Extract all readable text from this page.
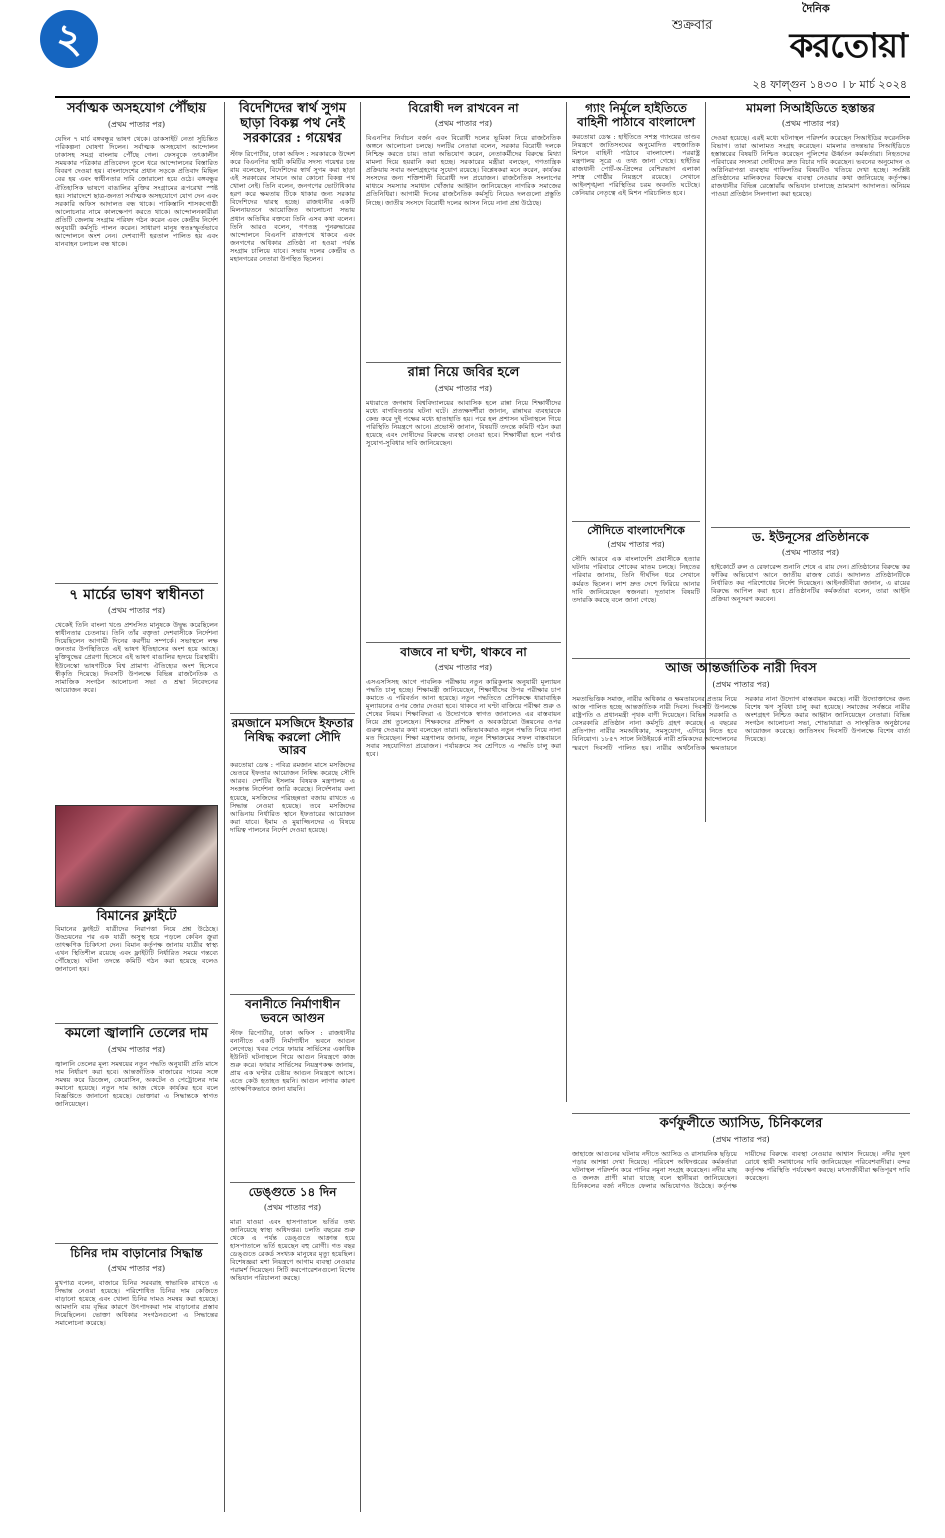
২	শুক্রবার
করতোয়া
দৈনিক
২৪ ফাল্গুন ১৪৩০ । ৮ মার্চ ২০২৪
সর্বাত্মক অসহযোগ পৌঁছায়
(প্রথম পাতার পর)

যেদিন ৭ মার্চ বঙ্গবন্ধুর ভাষণ থেকে। ডাকসাইট নেতা সুচিন্তিত পরিকল্পনা ঘোষণা দিলেন। সর্বাত্মক অসহযোগ আন্দোলন ঢাকাসহ সমগ্র বাংলায় পৌঁছে গেল। ফেসবুকে তৎকালীন সময়কার পত্রিকার প্রতিবেদন তুলে ধরে আন্দোলনের বিস্তারিত বিবরণ দেওয়া হয়। বাংলাদেশের প্রধান সড়কে প্রতিবাদ মিছিল বের হয় এবং স্বাধীনতার দাবি জোরালো হয়ে ওঠে। বঙ্গবন্ধুর ঐতিহাসিক ভাষণে বাঙালির মুক্তির সংগ্রামের রূপরেখা স্পষ্ট হয়। সারাদেশে ছাত্র-জনতা সর্বাত্মক অসহযোগে যোগ দেন এবং সরকারি অফিস আদালত বন্ধ থাকে। পাকিস্তানি শাসকগোষ্ঠী আলোচনার নামে কালক্ষেপণ করতে থাকে। আন্দোলনকারীরা প্রতিটি জেলায় সংগ্রাম পরিষদ গঠন করেন এবং কেন্দ্রীয় নির্দেশ অনুযায়ী কর্মসূচি পালন করেন। সাধারণ মানুষ স্বতঃস্ফূর্তভাবে আন্দোলনে অংশ নেন। দেশব্যাপী হরতাল পালিত হয় এবং যানবাহন চলাচল বন্ধ থাকে।

৭ মার্চের ভাষণ স্বাধীনতা
(প্রথম পাতার পর)

থেকেই তিনি বাংলা খণ্ডে প্রশংসিত মানুষকে উদ্বুদ্ধ করেছিলেন স্বাধীনতার চেতনায়। তিনি তাঁর বক্তৃতা দেশবাসীকে নির্দেশনা দিয়েছিলেন আগামী দিনের করণীয় সম্পর্কে। সভাস্থলে লক্ষ জনতার উপস্থিতিতে এই ভাষণ ইতিহাসের অংশ হয়ে আছে। মুক্তিযুদ্ধের প্রেরণা হিসেবে এই ভাষণ বাঙালির হৃদয়ে চিরস্থায়ী। ইউনেস্কো ভাষণটিকে বিশ্ব প্রামাণ্য ঐতিহ্যের অংশ হিসেবে স্বীকৃতি দিয়েছে। দিবসটি উপলক্ষে বিভিন্ন রাজনৈতিক ও সামাজিক সংগঠন আলোচনা সভা ও শ্রদ্ধা নিবেদনের আয়োজন করে।

বিমানের ফ্লাইটে

বিমানের ফ্লাইটে যাত্রীদের নিরাপত্তা নিয়ে প্রশ্ন উঠেছে। উড্ডয়নের পর এক যাত্রী অসুস্থ হয়ে পড়লে কেবিন ক্রুরা তাৎক্ষণিক চিকিৎসা দেন। বিমান কর্তৃপক্ষ জানায় যাত্রীর স্বাস্থ্য এখন স্থিতিশীল রয়েছে এবং ফ্লাইটটি নির্ধারিত সময়ে গন্তব্যে পৌঁছেছে। ঘটনা তদন্তে কমিটি গঠন করা হয়েছে বলেও জানানো হয়।

কমলো জ্বালানি তেলের দাম
(প্রথম পাতার পর)

জ্বালানি তেলের মূল্য সমন্বয়ের নতুন পদ্ধতি অনুযায়ী প্রতি মাসে দাম নির্ধারণ করা হবে। আন্তর্জাতিক বাজারের দামের সঙ্গে সমন্বয় করে ডিজেল, কেরোসিন, অকটেন ও পেট্রোলের দাম কমানো হয়েছে। নতুন দাম আজ থেকে কার্যকর হবে বলে বিজ্ঞপ্তিতে জানানো হয়েছে। ভোক্তারা এ সিদ্ধান্তকে স্বাগত জানিয়েছেন।

চিনির দাম বাড়ানোর সিদ্ধান্ত
(প্রথম পাতার পর)

মুখপাত্র বলেন, বাজারে চিনির সরবরাহ স্বাভাবিক রাখতে এ সিদ্ধান্ত নেওয়া হয়েছে। পরিশোধিত চিনির দাম কেজিতে বাড়ানো হয়েছে এবং খোলা চিনির দামও সমন্বয় করা হয়েছে। আমদানি ব্যয় বৃদ্ধির কারণে উৎপাদকরা দাম বাড়ানোর প্রস্তাব দিয়েছিলেন। ভোক্তা অধিকার সংগঠনগুলো এ সিদ্ধান্তের সমালোচনা করেছে।

বিদেশিদের স্বার্থ সুগম ছাড়া বিকল্প পথ নেই সরকারের : গয়েশ্বর

স্টাফ রিপোর্টার, ঢাকা অফিস : সরকারকে উদ্দেশ করে বিএনপির স্থায়ী কমিটির সদস্য গয়েশ্বর চন্দ্র রায় বলেছেন, বিদেশিদের স্বার্থ সুগম করা ছাড়া এই সরকারের সামনে আর কোনো বিকল্প পথ খোলা নেই। তিনি বলেন, জনগণের ভোটাধিকার হরণ করে ক্ষমতায় টিকে থাকার জন্য সরকার বিদেশিদের দ্বারস্থ হচ্ছে। রাজধানীর একটি মিলনায়তনে আয়োজিত আলোচনা সভায় প্রধান অতিথির বক্তব্যে তিনি এসব কথা বলেন। তিনি আরও বলেন, গণতন্ত্র পুনরুদ্ধারের আন্দোলনে বিএনপি রাজপথে থাকবে এবং জনগণের অধিকার প্রতিষ্ঠা না হওয়া পর্যন্ত সংগ্রাম চালিয়ে যাবে। সভায় দলের কেন্দ্রীয় ও মহানগরের নেতারা উপস্থিত ছিলেন।

রমজানে মসজিদে ইফতার নিষিদ্ধ করলো সৌদি আরব

করতোয়া ডেস্ক : পবিত্র রমজান মাসে মসজিদের ভেতরে ইফতার আয়োজন নিষিদ্ধ করেছে সৌদি আরব। দেশটির ইসলাম বিষয়ক মন্ত্রণালয় এ সংক্রান্ত নির্দেশনা জারি করেছে। নির্দেশনায় বলা হয়েছে, মসজিদের পরিচ্ছন্নতা বজায় রাখতে এ সিদ্ধান্ত নেওয়া হয়েছে। তবে মসজিদের আঙিনায় নির্ধারিত স্থানে ইফতারের আয়োজন করা যাবে। ইমাম ও মুয়াজ্জিনদের এ বিষয়ে দায়িত্ব পালনের নির্দেশ দেওয়া হয়েছে।

বনানীতে নির্মাণাধীন ভবনে আগুন

স্টাফ রিপোর্টার, ঢাকা অফিস : রাজধানীর বনানীতে একটি নির্মাণাধীন ভবনে আগুন লেগেছে। খবর পেয়ে ফায়ার সার্ভিসের একাধিক ইউনিট ঘটনাস্থলে গিয়ে আগুন নিয়ন্ত্রণে কাজ শুরু করে। ফায়ার সার্ভিসের নিয়ন্ত্রণকক্ষ জানায়, প্রায় এক ঘণ্টার চেষ্টায় আগুন নিয়ন্ত্রণে আসে। এতে কেউ হতাহত হয়নি। আগুন লাগার কারণ তাৎক্ষণিকভাবে জানা যায়নি।

ডেঙ্গুতে ১৪ দিন
(প্রথম পাতার পর)

মারা যাওয়া এবং হাসপাতালে ভর্তির তথ্য জানিয়েছে স্বাস্থ্য অধিদপ্তর। চলতি বছরের শুরু থেকে এ পর্যন্ত ডেঙ্গুতে আক্রান্ত হয়ে হাসপাতালে ভর্তি হয়েছেন বহু রোগী। গত বছর ডেঙ্গুতে রেকর্ড সংখ্যক মানুষের মৃত্যু হয়েছিল। বিশেষজ্ঞরা মশা নিয়ন্ত্রণে আগাম ব্যবস্থা নেওয়ার পরামর্শ দিয়েছেন। সিটি করপোরেশনগুলো বিশেষ অভিযান পরিচালনা করছে।

বিরোধী দল রাখবেন না
(প্রথম পাতার পর)

বিএনপির নির্বাচন বর্জন এবং বিরোধী দলের ভূমিকা নিয়ে রাজনৈতিক অঙ্গনে আলোচনা চলছে। দলটির নেতারা বলেন, সরকার বিরোধী দলকে নিশ্চিহ্ন করতে চায়। তারা অভিযোগ করেন, নেতাকর্মীদের বিরুদ্ধে মিথ্যা মামলা দিয়ে হয়রানি করা হচ্ছে। সরকারের মন্ত্রীরা বলছেন, গণতান্ত্রিক প্রক্রিয়ায় সবার অংশগ্রহণের সুযোগ রয়েছে। বিশ্লেষকরা মনে করেন, কার্যকর সংসদের জন্য শক্তিশালী বিরোধী দল প্রয়োজন। রাজনৈতিক সংলাপের মাধ্যমে সমস্যার সমাধান খোঁজার আহ্বান জানিয়েছেন নাগরিক সমাজের প্রতিনিধিরা। আগামী দিনের রাজনৈতিক কর্মসূচি নিয়েও দলগুলো প্রস্তুতি নিচ্ছে। জাতীয় সংসদে বিরোধী দলের আসন নিয়ে নানা প্রশ্ন উঠেছে।

রান্না নিয়ে জবির হলে
(প্রথম পাতার পর)

মধ্যরাতে জগন্নাথ বিশ্ববিদ্যালয়ের আবাসিক হলে রান্না নিয়ে শিক্ষার্থীদের মধ্যে বাগবিতণ্ডার ঘটনা ঘটে। প্রত্যক্ষদর্শীরা জানান, রান্নাঘর ব্যবহারকে কেন্দ্র করে দুই পক্ষের মধ্যে হাতাহাতি হয়। পরে হল প্রশাসন ঘটনাস্থলে গিয়ে পরিস্থিতি নিয়ন্ত্রণে আনে। প্রভোস্ট জানান, বিষয়টি তদন্তে কমিটি গঠন করা হয়েছে এবং দোষীদের বিরুদ্ধে ব্যবস্থা নেওয়া হবে। শিক্ষার্থীরা হলে পর্যাপ্ত সুযোগ-সুবিধার দাবি জানিয়েছেন।

বাজবে না ঘণ্টা, থাকবে না
(প্রথম পাতার পর)

এসএসসিসহ আগে পাবলিক পরীক্ষায় নতুন কারিকুলাম অনুযায়ী মূল্যায়ন পদ্ধতি চালু হচ্ছে। শিক্ষামন্ত্রী জানিয়েছেন, শিক্ষার্থীদের উপর পরীক্ষার চাপ কমাতে এ পরিবর্তন আনা হয়েছে। নতুন পদ্ধতিতে শ্রেণিকক্ষে ধারাবাহিক মূল্যায়নের ওপর জোর দেওয়া হবে। থাকবে না ঘণ্টা বাজিয়ে পরীক্ষা শুরু ও শেষের নিয়ম। শিক্ষাবিদরা এ উদ্যোগকে স্বাগত জানালেও এর বাস্তবায়ন নিয়ে প্রশ্ন তুলেছেন। শিক্ষকদের প্রশিক্ষণ ও অবকাঠামো উন্নয়নের ওপর গুরুত্ব দেওয়ার কথা বলেছেন তারা। অভিভাবকরাও নতুন পদ্ধতি নিয়ে নানা মত দিয়েছেন। শিক্ষা মন্ত্রণালয় জানায়, নতুন শিক্ষাক্রমের সফল বাস্তবায়নে সবার সহযোগিতা প্রয়োজন। পর্যায়ক্রমে সব শ্রেণিতে এ পদ্ধতি চালু করা হবে।

গ্যাং নির্মূলে হাইতিতে বাহিনী পাঠাবে বাংলাদেশ

করতোয়া ডেস্ক : হাইতিতে সশস্ত্র গ্যাংয়ের তাণ্ডব নিয়ন্ত্রণে জাতিসংঘের অনুমোদিত বহুজাতিক মিশনে বাহিনী পাঠাবে বাংলাদেশ। পররাষ্ট্র মন্ত্রণালয় সূত্রে এ তথ্য জানা গেছে। হাইতির রাজধানী পোর্ট-অ-প্রিন্সের বেশিরভাগ এলাকা সশস্ত্র গোষ্ঠীর নিয়ন্ত্রণে রয়েছে। সেখানে আইনশৃঙ্খলা পরিস্থিতির চরম অবনতি ঘটেছে। কেনিয়ার নেতৃত্বে এই মিশন পরিচালিত হবে।

সৌদিতে বাংলাদেশিকে
(প্রথম পাতার পর)

সৌদি আরবে এক বাংলাদেশি প্রবাসীকে হত্যার ঘটনায় পরিবারে শোকের মাতম চলছে। নিহতের পরিবার জানায়, তিনি দীর্ঘদিন ধরে সেখানে কর্মরত ছিলেন। লাশ দ্রুত দেশে ফিরিয়ে আনার দাবি জানিয়েছেন স্বজনরা। দূতাবাস বিষয়টি তদারকি করছে বলে জানা গেছে।

মামলা সিআইডিতে হস্তান্তর
(প্রথম পাতার পর)

দেওয়া হয়েছে। এরই মধ্যে ঘটনাস্থল পরিদর্শন করেছেন সিআইডির ফরেনসিক বিভাগ। তারা আলামত সংগ্রহ করেছেন। মামলার তদন্তভার সিআইডিতে হস্তান্তরের বিষয়টি নিশ্চিত করেছেন পুলিশের ঊর্ধ্বতন কর্মকর্তারা। নিহতদের পরিবারের সদস্যরা দোষীদের দ্রুত বিচার দাবি করেছেন। ভবনের অনুমোদন ও অগ্নিনিরাপত্তা ব্যবস্থায় গাফিলতির বিষয়টিও খতিয়ে দেখা হচ্ছে। সংশ্লিষ্ট প্রতিষ্ঠানের মালিকদের বিরুদ্ধে ব্যবস্থা নেওয়ার কথা জানিয়েছে কর্তৃপক্ষ। রাজধানীর বিভিন্ন রেস্তোরাঁয় অভিযান চালাচ্ছে ভ্রাম্যমাণ আদালত। অনিয়ম পাওয়া প্রতিষ্ঠান সিলগালা করা হয়েছে।

ড. ইউনূসের প্রতিষ্ঠানকে
(প্রথম পাতার পর)

হাইকোর্টে রুল ও রেফারেন্স শুনানি শেষে এ রায় দেন। প্রতিষ্ঠানের বিরুদ্ধে কর ফাঁকির অভিযোগ আনে জাতীয় রাজস্ব বোর্ড। আদালত প্রতিষ্ঠানটিকে নির্ধারিত কর পরিশোধের নির্দেশ দিয়েছেন। আইনজীবীরা জানান, এ রায়ের বিরুদ্ধে আপিল করা হবে। প্রতিষ্ঠানটির কর্মকর্তারা বলেন, তারা আইনি প্রক্রিয়া অনুসরণ করবেন।

আজ আন্তর্জাতিক নারী দিবস
(প্রথম পাতার পর)

সমতাভিত্তিক সমাজ, নারীর অধিকার ও ক্ষমতায়নের প্রত্যয় নিয়ে আজ পালিত হচ্ছে আন্তর্জাতিক নারী দিবস। দিবসটি উপলক্ষে রাষ্ট্রপতি ও প্রধানমন্ত্রী পৃথক বাণী দিয়েছেন। বিভিন্ন সরকারি ও বেসরকারি প্রতিষ্ঠান নানা কর্মসূচি গ্রহণ করেছে। এ বছরের প্রতিপাদ্য নারীর সমঅধিকার, সমসুযোগ, এগিয়ে নিতে হবে বিনিয়োগ। ১৮৫৭ সালে নিউইয়র্কে নারী শ্রমিকদের আন্দোলনের স্মরণে দিবসটি পালিত হয়। নারীর অর্থনৈতিক ক্ষমতায়নে সরকার নানা উদ্যোগ বাস্তবায়ন করছে। নারী উদ্যোক্তাদের জন্য বিশেষ ঋণ সুবিধা চালু করা হয়েছে। সমাজের সর্বস্তরে নারীর অংশগ্রহণ নিশ্চিত করার আহ্বান জানিয়েছেন নেতারা। বিভিন্ন সংগঠন আলোচনা সভা, শোভাযাত্রা ও সাংস্কৃতিক অনুষ্ঠানের আয়োজন করেছে। জাতিসংঘ দিবসটি উপলক্ষে বিশেষ বার্তা দিয়েছে।

কর্ণফুলীতে অ্যাসিড, চিনিকলের
(প্রথম পাতার পর)

জাহাজে আগুনের ঘটনায় নদীতে অ্যাসিড ও রাসায়নিক ছড়িয়ে পড়ার আশঙ্কা দেখা দিয়েছে। পরিবেশ অধিদপ্তরের কর্মকর্তারা ঘটনাস্থল পরিদর্শন করে পানির নমুনা সংগ্রহ করেছেন। নদীর মাছ ও জলজ প্রাণী মারা যাচ্ছে বলে স্থানীয়রা জানিয়েছেন। চিনিকলের বর্জ্য নদীতে ফেলার অভিযোগও উঠেছে। কর্তৃপক্ষ দায়ীদের বিরুদ্ধে ব্যবস্থা নেওয়ার আশ্বাস দিয়েছে। নদীর দূষণ রোধে স্থায়ী সমাধানের দাবি জানিয়েছেন পরিবেশবাদীরা। বন্দর কর্তৃপক্ষ পরিস্থিতি পর্যবেক্ষণ করছে। মৎস্যজীবীরা ক্ষতিপূরণ দাবি করেছেন।
